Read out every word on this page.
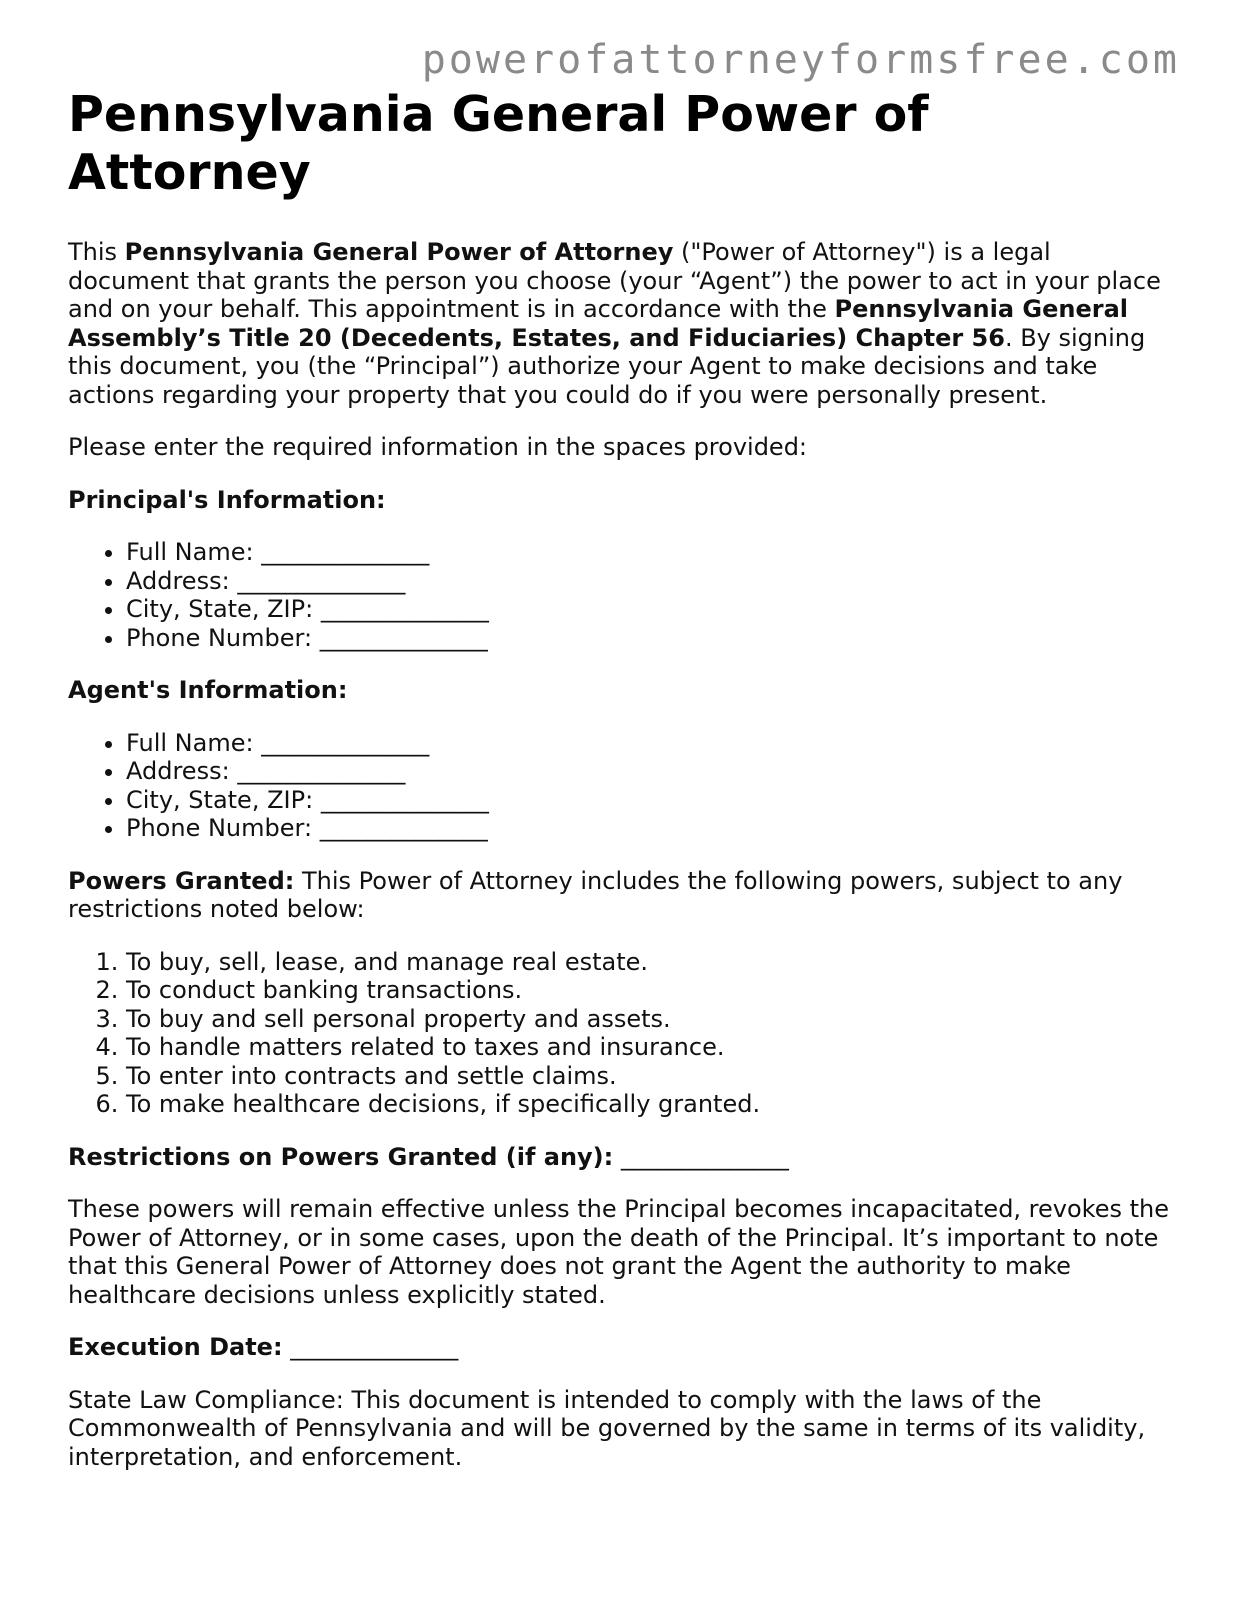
powerofattorneyformsfree.com
Pennsylvania General Power of Attorney

This Pennsylvania General Power of Attorney ("Power of Attorney") is a legal document that grants the person you choose (your “Agent”) the power to act in your place and on your behalf. This appointment is in accordance with the Pennsylvania General Assembly’s Title 20 (Decedents, Estates, and Fiduciaries) Chapter 56. By signing this document, you (the “Principal”) authorize your Agent to make decisions and take actions regarding your property that you could do if you were personally present.

Please enter the required information in the spaces provided:

Principal's Information:

• Full Name: ______________
• Address: ______________
• City, State, ZIP: ______________
• Phone Number: ______________

Agent's Information:

• Full Name: ______________
• Address: ______________
• City, State, ZIP: ______________
• Phone Number: ______________

Powers Granted: This Power of Attorney includes the following powers, subject to any restrictions noted below:

1. To buy, sell, lease, and manage real estate.
2. To conduct banking transactions.
3. To buy and sell personal property and assets.
4. To handle matters related to taxes and insurance.
5. To enter into contracts and settle claims.
6. To make healthcare decisions, if specifically granted.

Restrictions on Powers Granted (if any): ______________

These powers will remain effective unless the Principal becomes incapacitated, revokes the Power of Attorney, or in some cases, upon the death of the Principal. It’s important to note that this General Power of Attorney does not grant the Agent the authority to make healthcare decisions unless explicitly stated.

Execution Date: ______________

State Law Compliance: This document is intended to comply with the laws of the Commonwealth of Pennsylvania and will be governed by the same in terms of its validity, interpretation, and enforcement.
